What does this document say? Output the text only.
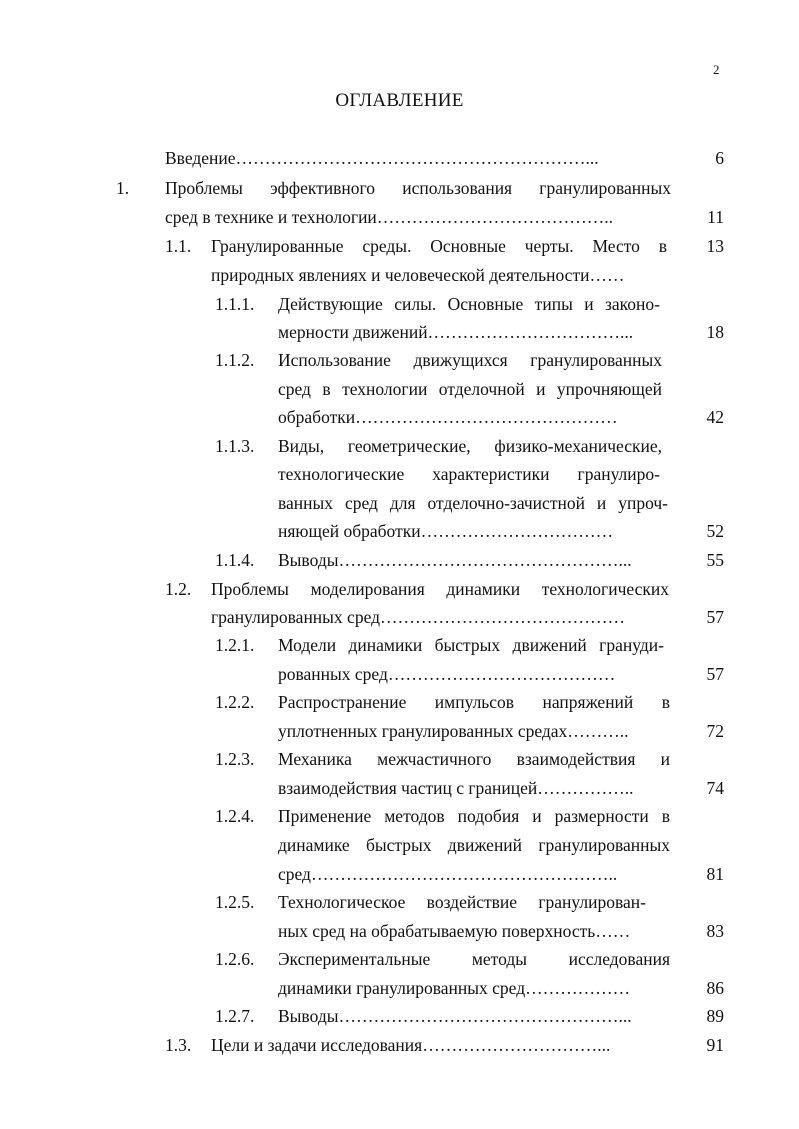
2
ОГЛАВЛЕНИЕ
Введение……………………………………………………...	6
1. Проблемы эффективного использования гранулированных
сред в технике и технологии…………………………………..	11
1.1. Гранулированные среды. Основные черты. Место в	13
природных явлениях и человеческой деятельности……
1.1.1. Действующие силы. Основные типы и законо-
мерности движений……………………………...	18
1.1.2. Использование движущихся гранулированных
сред в технологии отделочной и упрочняющей
обработки………………………………………	42
1.1.3. Виды, геометрические, физико-механические,
технологические характеристики гранулиро-
ванных сред для отделочно-зачистной и упроч-
няющей обработки……………………………	52
1.1.4. Выводы…………………………………………...	55
1.2. Проблемы моделирования динамики технологических
гранулированных сред……………………………………	57
1.2.1. Модели динамики быстрых движений грануди-
рованных сред…………………………………	57
1.2.2. Распространение импульсов напряжений в
уплотненных гранулированных средах………..	72
1.2.3. Механика межчастичного взаимодействия и
взаимодействия частиц с границей……………..	74
1.2.4. Применение методов подобия и размерности в
динамике быстрых движений гранулированных
сред……………………………………………..	81
1.2.5. Технологическое воздействие гранулирован-
ных сред на обрабатываемую поверхность……	83
1.2.6. Экспериментальные методы исследования
динамики гранулированных сред………………	86
1.2.7. Выводы…………………………………………...	89
1.3. Цели и задачи исследования…………………………...	91
